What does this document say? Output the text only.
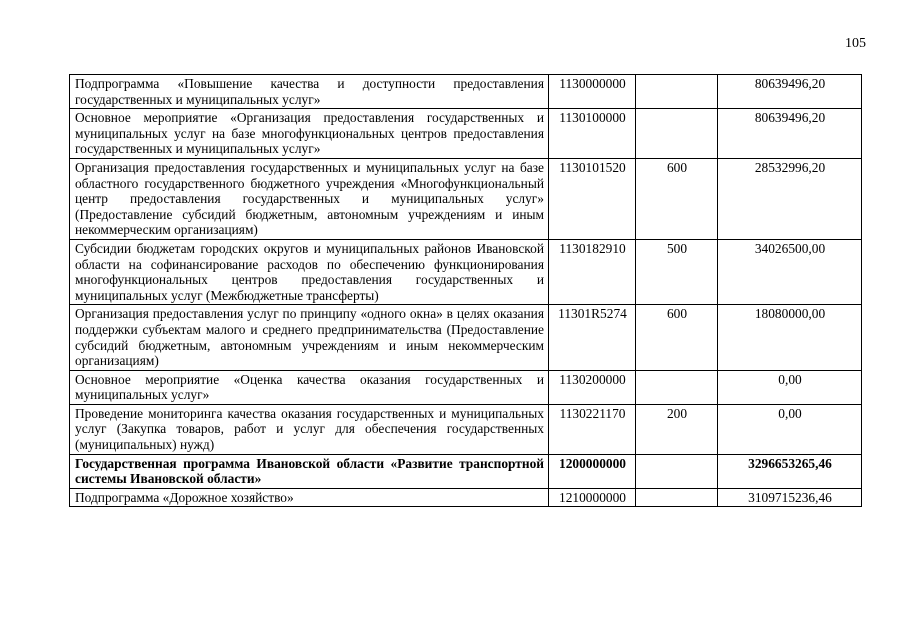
105
Подпрограмма «Повышение качества и доступности предоставления государственных и муниципальных услуг»	1130000000		80639496,20
Основное мероприятие «Организация предоставления государственных и муниципальных услуг на базе многофункциональных центров предоставления государственных и муниципальных услуг»	1130100000		80639496,20
Организация предоставления государственных и муниципальных услуг на базе областного государственного бюджетного учреждения «Многофункциональный центр предоставления государственных и муниципальных услуг» (Предоставление субсидий бюджетным, автономным учреждениям и иным некоммерческим организациям)	1130101520	600	28532996,20
Субсидии бюджетам городских округов и муниципальных районов Ивановской области на софинансирование расходов по обеспечению функционирования многофункциональных центров предоставления государственных и муниципальных услуг (Межбюджетные трансферты)	1130182910	500	34026500,00
Организация предоставления услуг по принципу «одного окна» в целях оказания поддержки субъектам малого и среднего предпринимательства (Предоставление субсидий бюджетным, автономным учреждениям и иным некоммерческим организациям)	11301R5274	600	18080000,00
Основное мероприятие «Оценка качества оказания государственных и муниципальных услуг»	1130200000		0,00
Проведение мониторинга качества оказания государственных и муниципальных услуг (Закупка товаров, работ и услуг для обеспечения государственных (муниципальных) нужд)	1130221170	200	0,00
Государственная программа Ивановской области «Развитие транспортной системы Ивановской области»	1200000000		3296653265,46
Подпрограмма «Дорожное хозяйство»	1210000000		3109715236,46
